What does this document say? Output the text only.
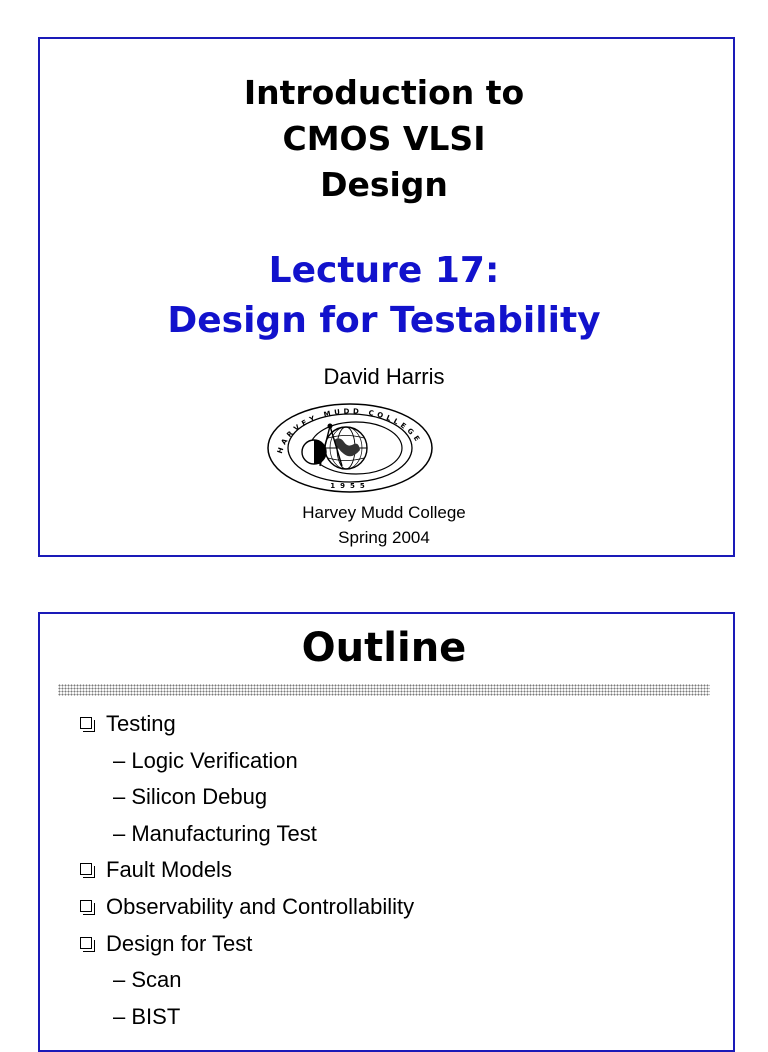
Introduction to
CMOS VLSI
Design
Lecture 17:
Design for Testability
David Harris
HARVEY MUDD COLLEGE
1955
Harvey Mudd College
Spring 2004
Outline
Testing
– Logic Verification
– Silicon Debug
– Manufacturing Test
Fault Models
Observability and Controllability
Design for Test
– Scan
– BIST
